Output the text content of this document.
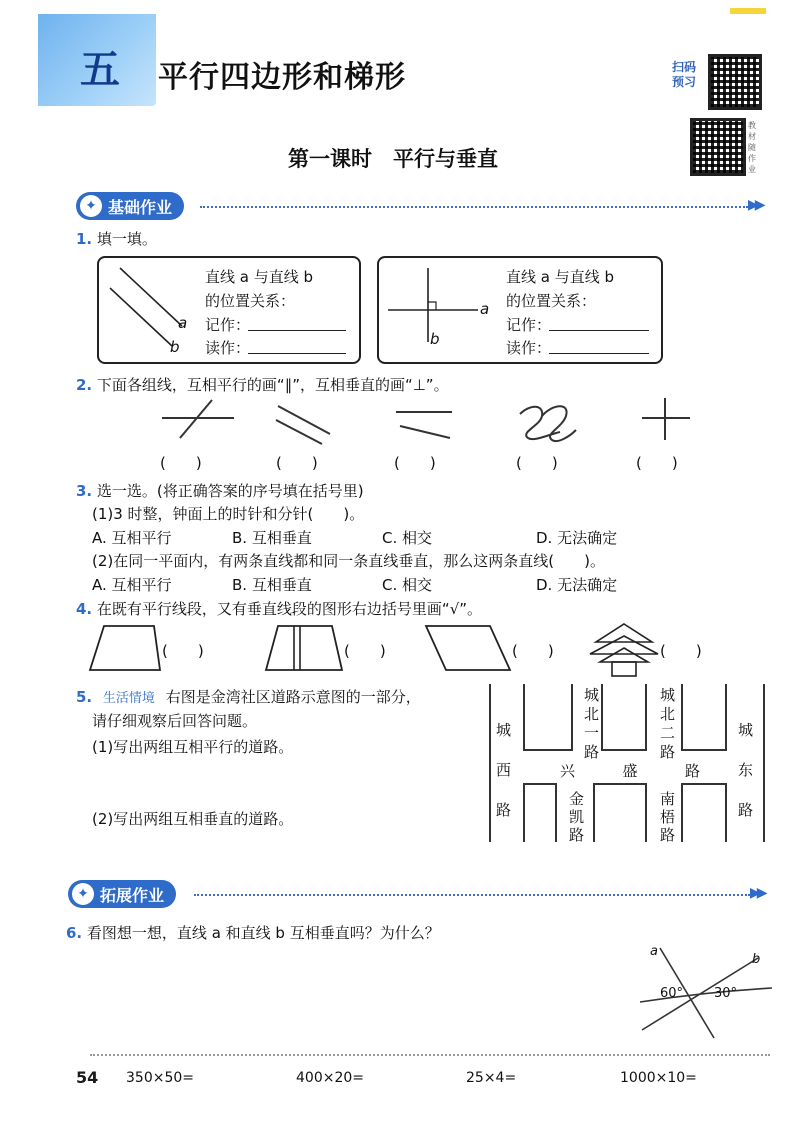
五	平行四边形和梯形	扫码预习
教材随作业
第一课时　平行与垂直
✦ 基础作业	▶▶
1. 填一填。
a
b
直线 a 与直线 b
的位置关系：
记作：
读作：
a
b
直线 a 与直线 b
的位置关系：
记作：
读作：
2. 下面各组线，互相平行的画“∥”，互相垂直的画“⊥”。
(　　)	(　　)	(　　)	(　　)	(　　)
3. 选一选。(将正确答案的序号填在括号里)
(1)3 时整，钟面上的时针和分针(　　)。
A. 互相平行	B. 互相垂直	C. 相交	D. 无法确定
(2)在同一平面内，有两条直线都和同一条直线垂直，那么这两条直线(　　)。
A. 互相平行	B. 互相垂直	C. 相交	D. 无法确定
4. 在既有平行线段，又有垂直线段的图形右边括号里画“√”。
(　　)	(　　)	(　　)	(　　)
5. 生活情境 右图是金湾社区道路示意图的一部分，
请仔细观察后回答问题。
(1)写出两组互相平行的道路。
(2)写出两组互相垂直的道路。
城
西
路
城
东
路
城
北
一
路
城
北
二
路
兴	盛	路
金
凯
路
南
梧
路
✦ 拓展作业	▶▶
6. 看图想一想，直线 a 和直线 b 互相垂直吗？为什么？
a
b
60° 30°
54 350×50=	400×20=	25×4=	1000×10=
